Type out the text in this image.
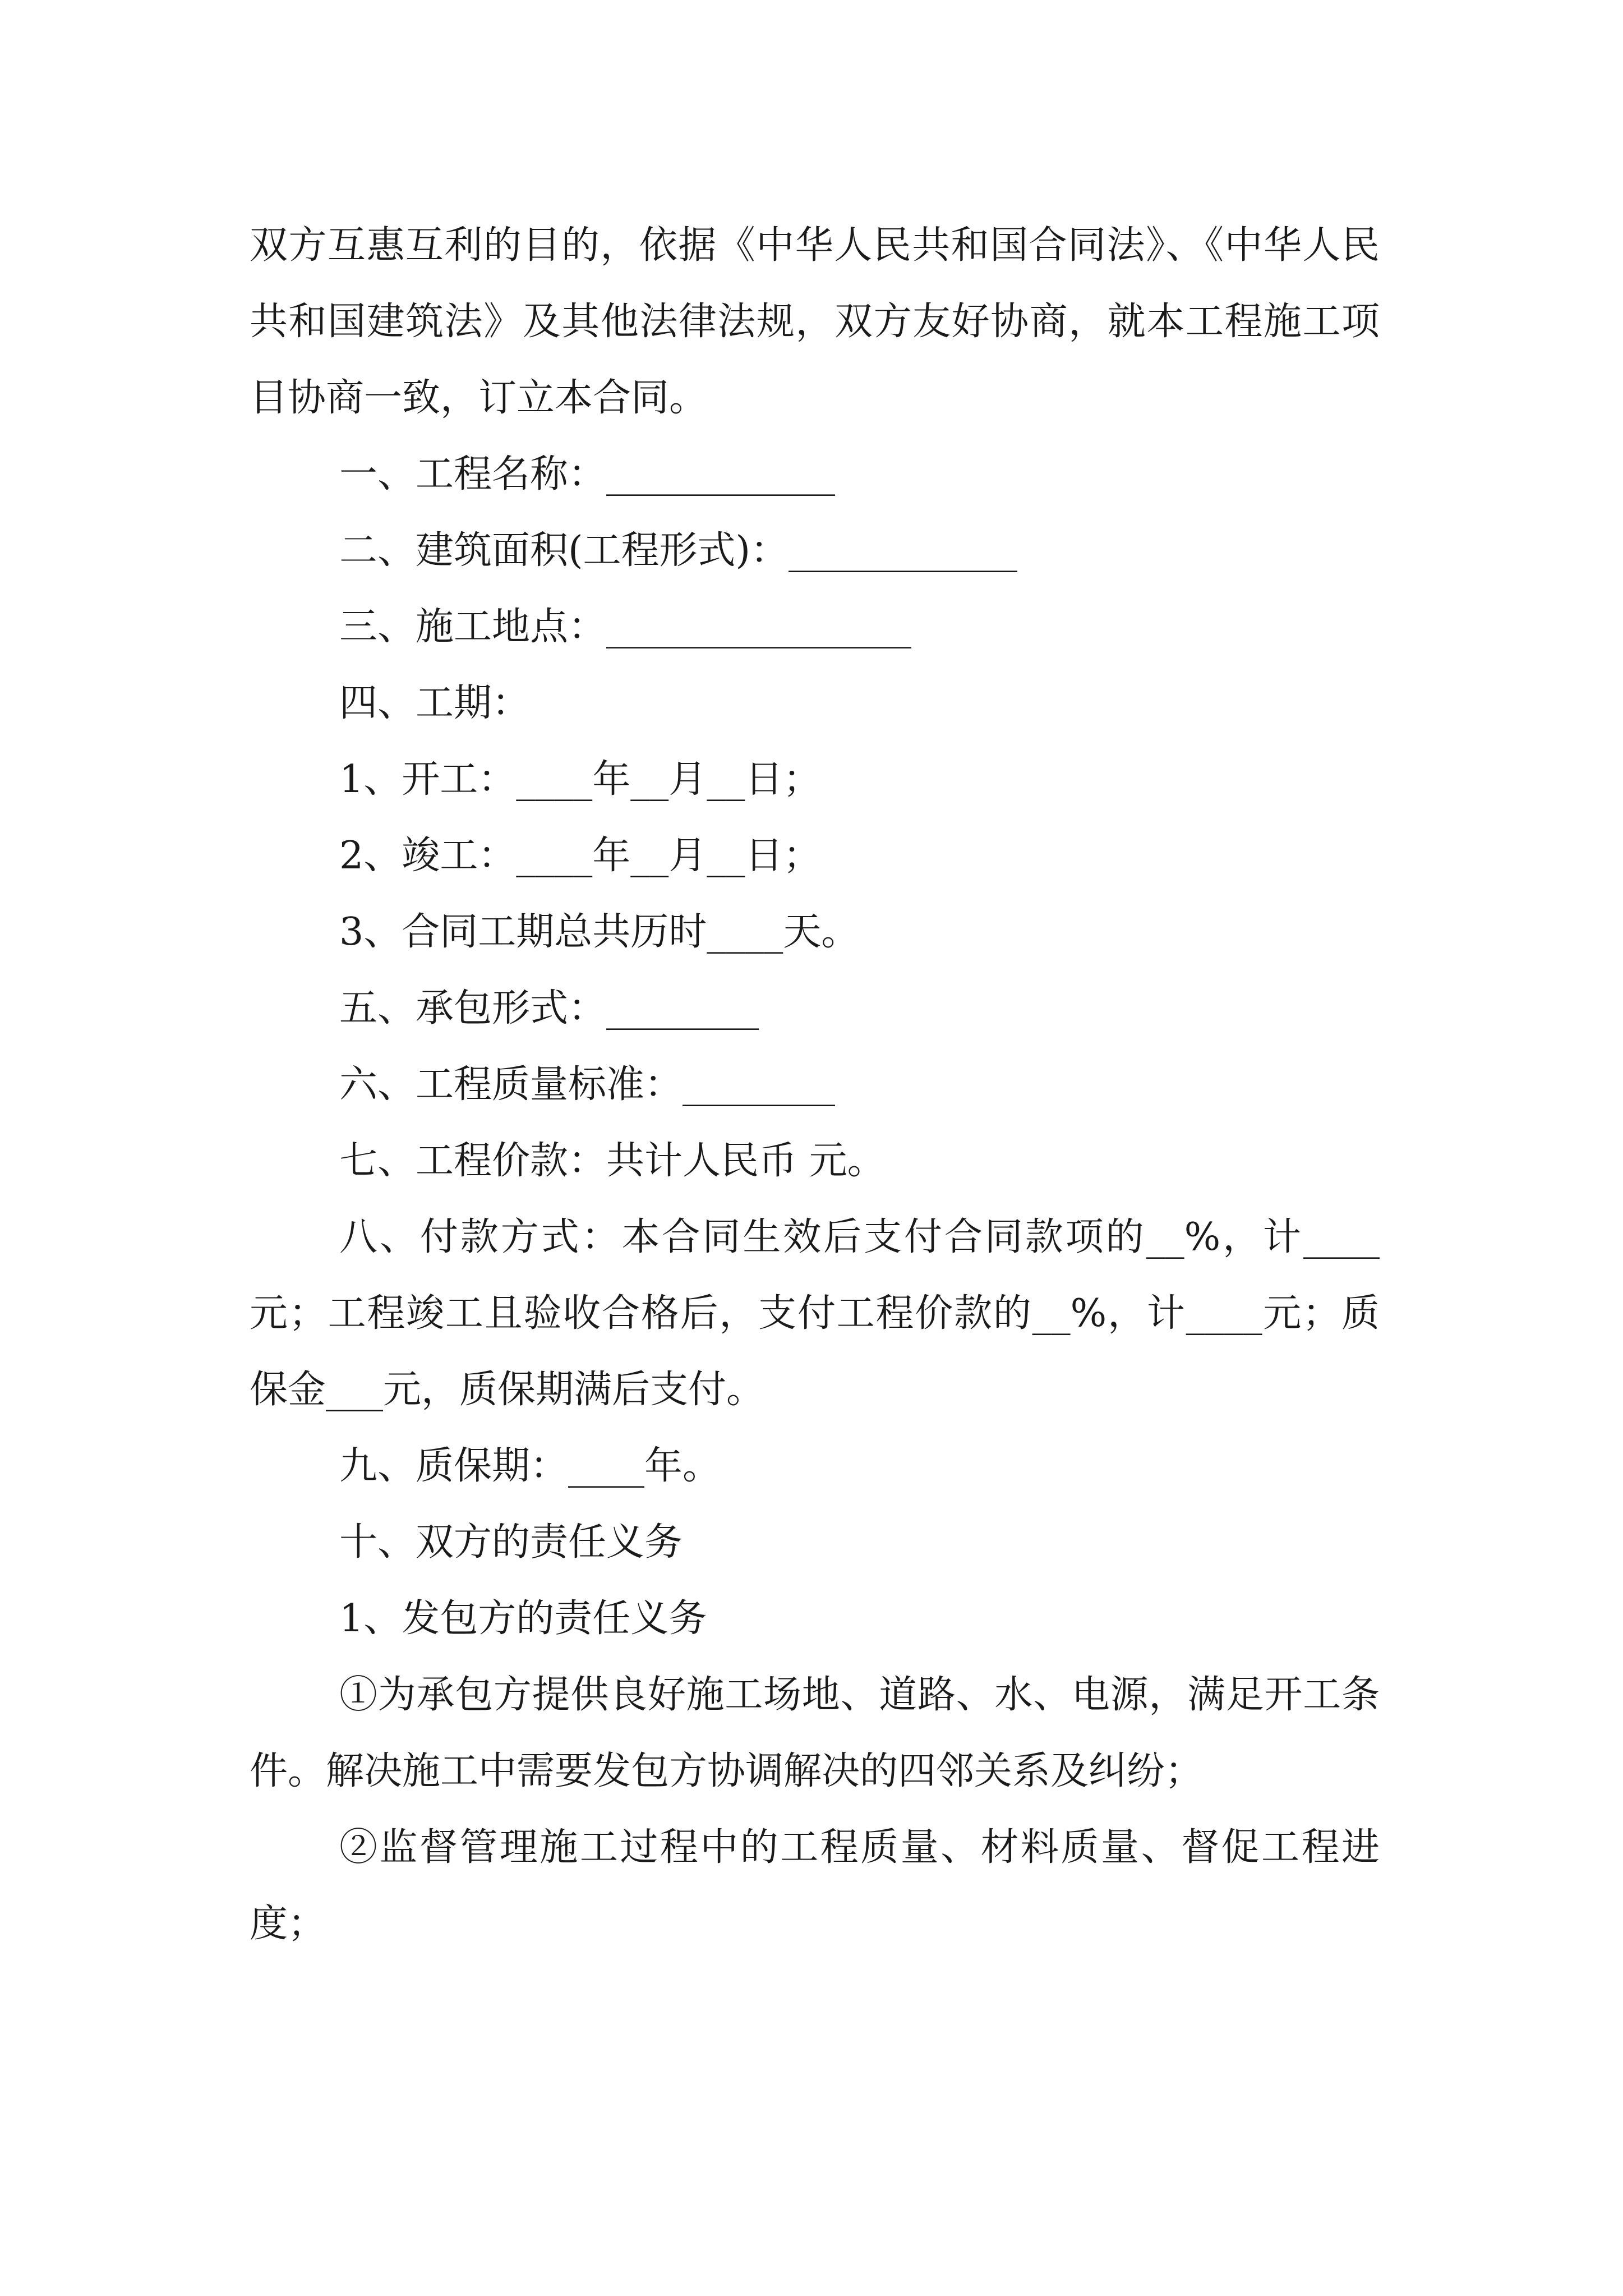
双方互惠互利的目的，依据《中华人民共和国合同法》、《中华人民共和国建筑法》及其他法律法规，双方友好协商，就本工程施工项目协商一致，订立本合同。

一、工程名称：____________

二、建筑面积(工程形式)：____________

三、施工地点：________________

四、工期：

1、开工：____年__月__日；

2、竣工：____年__月__日；

3、合同工期总共历时____天。

五、承包形式：________

六、工程质量标准：________

七、工程价款：共计人民币 元。

八、付款方式：本合同生效后支付合同款项的__%，计____元；工程竣工且验收合格后，支付工程价款的__%，计____元；质保金___元，质保期满后支付。

九、质保期：____年。

十、双方的责任义务

1、发包方的责任义务

①为承包方提供良好施工场地、道路、水、电源，满足开工条件。解决施工中需要发包方协调解决的四邻关系及纠纷；

②监督管理施工过程中的工程质量、材料质量、督促工程进度；
